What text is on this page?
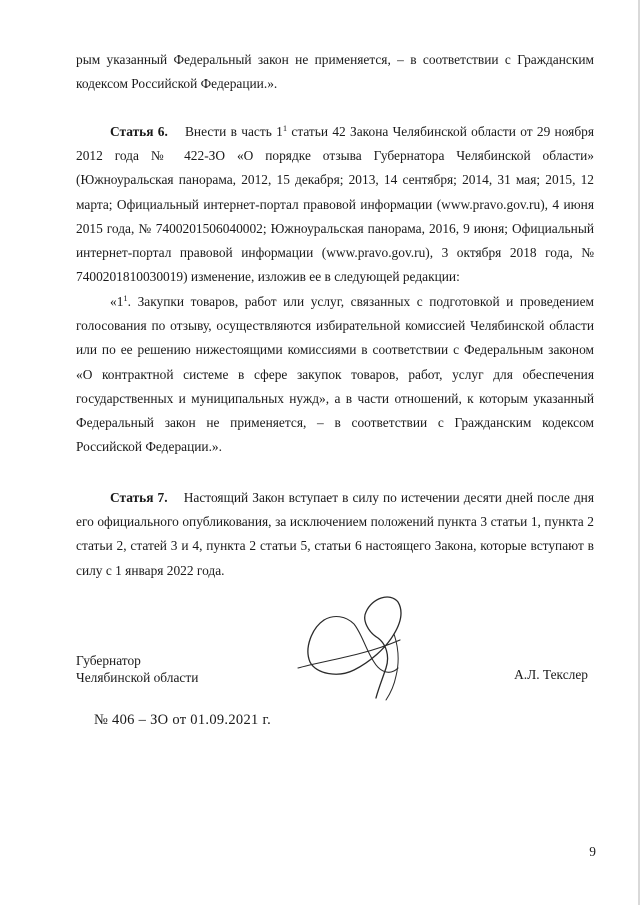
рым указанный Федеральный закон не применяется, – в соответствии с Гражданским кодексом Российской Федерации.».

Статья 6. Внести в часть $1^1$ статьи 42 Закона Челябинской области от 29 ноября 2012 года № 422-ЗО «О порядке отзыва Губернатора Челябинской области» (Южноуральская панорама, 2012, 15 декабря; 2013, 14 сентября; 2014, 31 мая; 2015, 12 марта; Официальный интернет-портал правовой информации (www.pravo.gov.ru), 4 июня 2015 года, № 7400201506040002; Южноуральская панорама, 2016, 9 июня; Официальный интернет-портал правовой информации (www.pravo.gov.ru), 3 октября 2018 года, № 7400201810030019) изменение, изложив ее в следующей редакции:

«$1^1$. Закупки товаров, работ или услуг, связанных с подготовкой и проведением голосования по отзыву, осуществляются избирательной комиссией Челябинской области или по ее решению нижестоящими комиссиями в соответствии с Федеральным законом «О контрактной системе в сфере закупок товаров, работ, услуг для обеспечения государственных и муниципальных нужд», а в части отношений, к которым указанный Федеральный закон не применяется, – в соответствии с Гражданским кодексом Российской Федерации.».

Статья 7. Настоящий Закон вступает в силу по истечении десяти дней после дня его официального опубликования, за исключением положений пункта 3 статьи 1, пункта 2 статьи 2, статей 3 и 4, пункта 2 статьи 5, статьи 6 настоящего Закона, которые вступают в силу с 1 января 2022 года.

Губернатор
Челябинской области	А.Л. Текслер
№ 406 – ЗО от 01.09.2021 г.
9
